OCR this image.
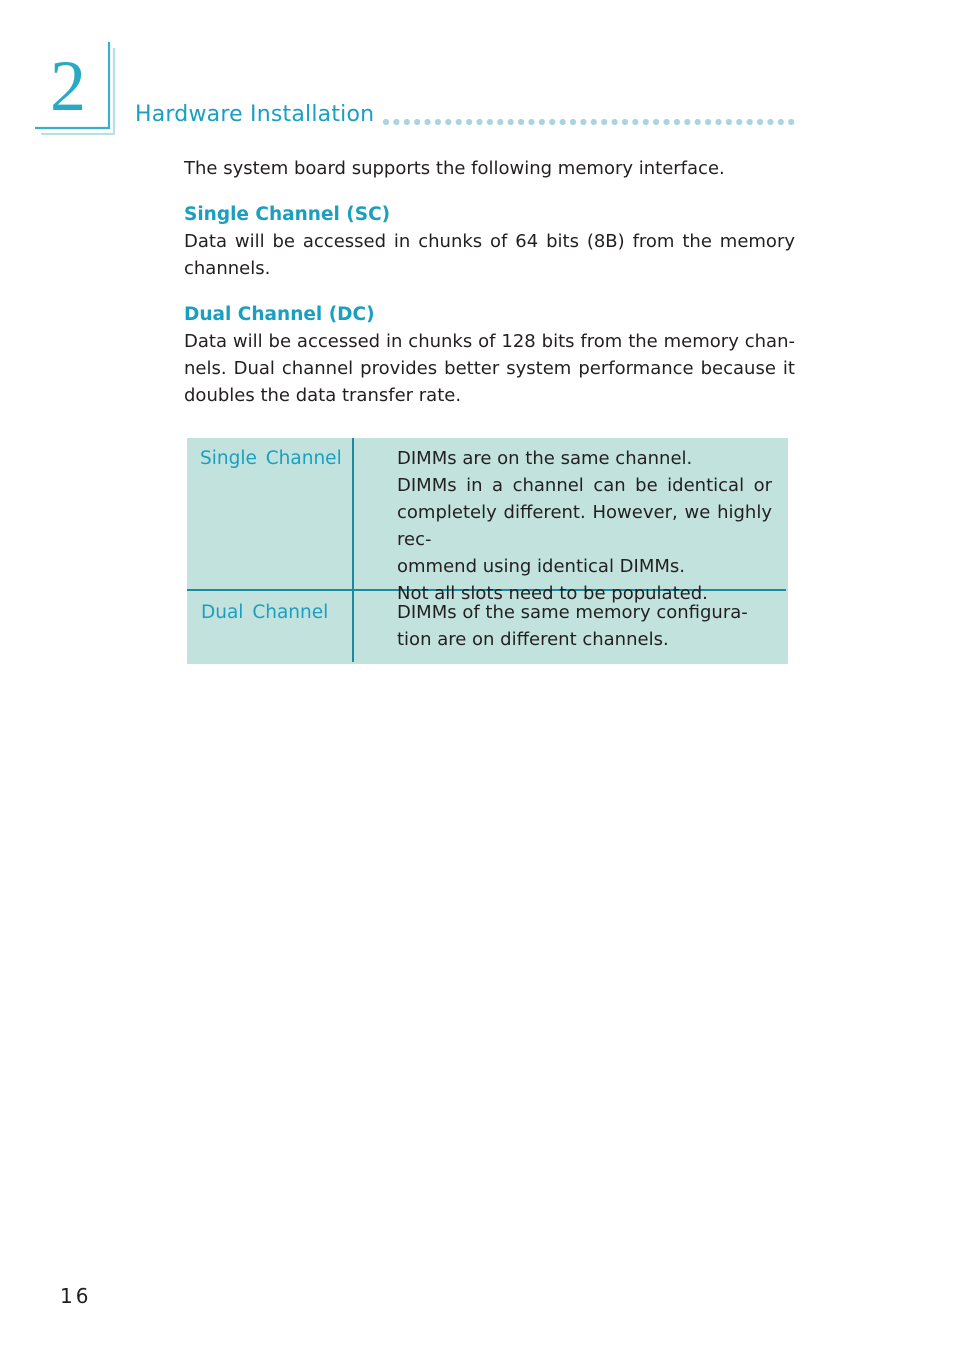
2 Hardware Installation

The system board supports the following memory interface.

Single Channel (SC)

Data will be accessed in chunks of 64 bits (8B) from the memory channels.

Dual Channel (DC)

Data will be accessed in chunks of 128 bits from the memory chan-nels. Dual channel provides better system performance because it doubles the data transfer rate.

Single Channel	DIMMs are on the same channel.
DIMMs in a channel can be identical or
completely different. However, we highly rec-
ommend using identical DIMMs.
Not all slots need to be populated.
Dual Channel	DIMMs of the same memory configura-
tion are on different channels.
16
